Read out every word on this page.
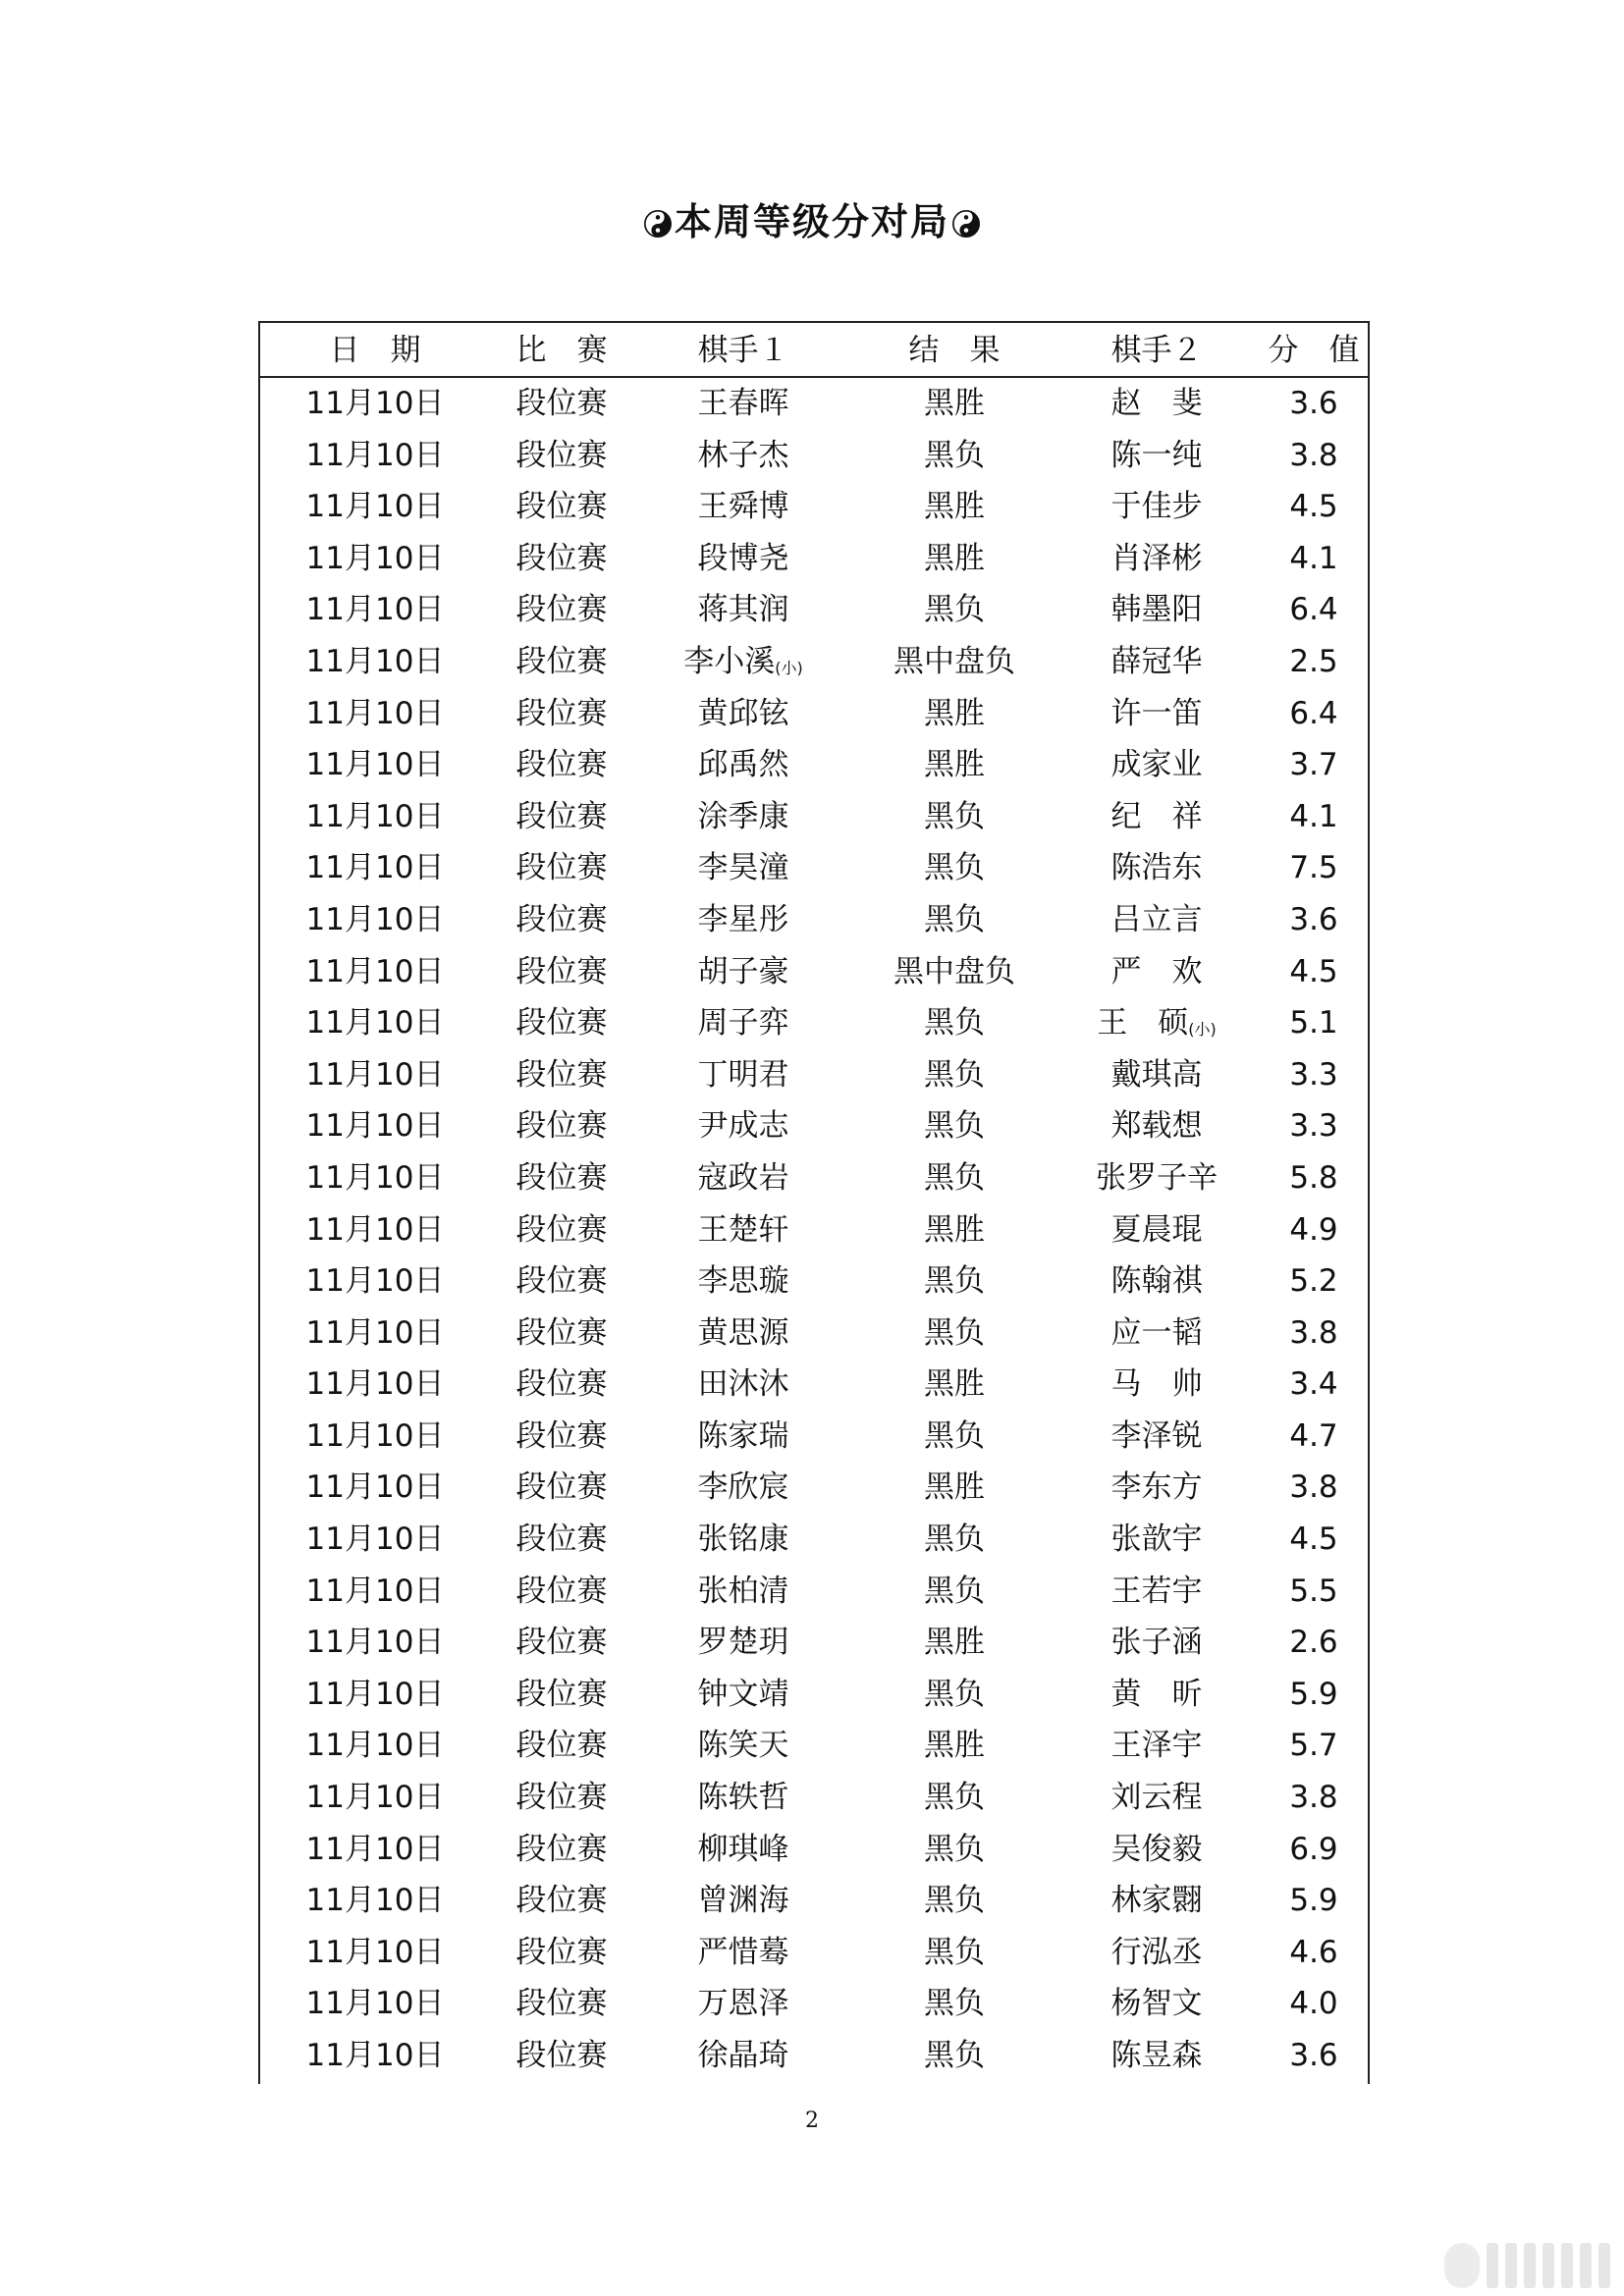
本周等级分对局
日　期	比　赛	棋手１	结　果	棋手２	分　值
11月10日	段位赛	王春晖	黑胜	赵　斐	3.6
11月10日	段位赛	林子杰	黑负	陈一纯	3.8
11月10日	段位赛	王舜博	黑胜	于佳步	4.5
11月10日	段位赛	段博尧	黑胜	肖泽彬	4.1
11月10日	段位赛	蒋其润	黑负	韩墨阳	6.4
11月10日	段位赛	李小溪(小)	黑中盘负	薛冠华	2.5
11月10日	段位赛	黄邱铉	黑胜	许一笛	6.4
11月10日	段位赛	邱禹然	黑胜	成家业	3.7
11月10日	段位赛	涂季康	黑负	纪　祥	4.1
11月10日	段位赛	李昊潼	黑负	陈浩东	7.5
11月10日	段位赛	李星彤	黑负	吕立言	3.6
11月10日	段位赛	胡子豪	黑中盘负	严　欢	4.5
11月10日	段位赛	周子弈	黑负	王　硕(小)	5.1
11月10日	段位赛	丁明君	黑负	戴琪高	3.3
11月10日	段位赛	尹成志	黑负	郑载想	3.3
11月10日	段位赛	寇政岩	黑负	张罗子辛	5.8
11月10日	段位赛	王楚轩	黑胜	夏晨琨	4.9
11月10日	段位赛	李思璇	黑负	陈翰祺	5.2
11月10日	段位赛	黄思源	黑负	应一韬	3.8
11月10日	段位赛	田沐沐	黑胜	马　帅	3.4
11月10日	段位赛	陈家瑞	黑负	李泽锐	4.7
11月10日	段位赛	李欣宸	黑胜	李东方	3.8
11月10日	段位赛	张铭康	黑负	张歆宇	4.5
11月10日	段位赛	张柏清	黑负	王若宇	5.5
11月10日	段位赛	罗楚玥	黑胜	张子涵	2.6
11月10日	段位赛	钟文靖	黑负	黄　昕	5.9
11月10日	段位赛	陈笑天	黑胜	王泽宇	5.7
11月10日	段位赛	陈轶哲	黑负	刘云程	3.8
11月10日	段位赛	柳琪峰	黑负	吴俊毅	6.9
11月10日	段位赛	曾渊海	黑负	林家翾	5.9
11月10日	段位赛	严惜蓦	黑负	行泓丞	4.6
11月10日	段位赛	万恩泽	黑负	杨智文	4.0
11月10日	段位赛	徐晶琦	黑负	陈昱森	3.6
2
